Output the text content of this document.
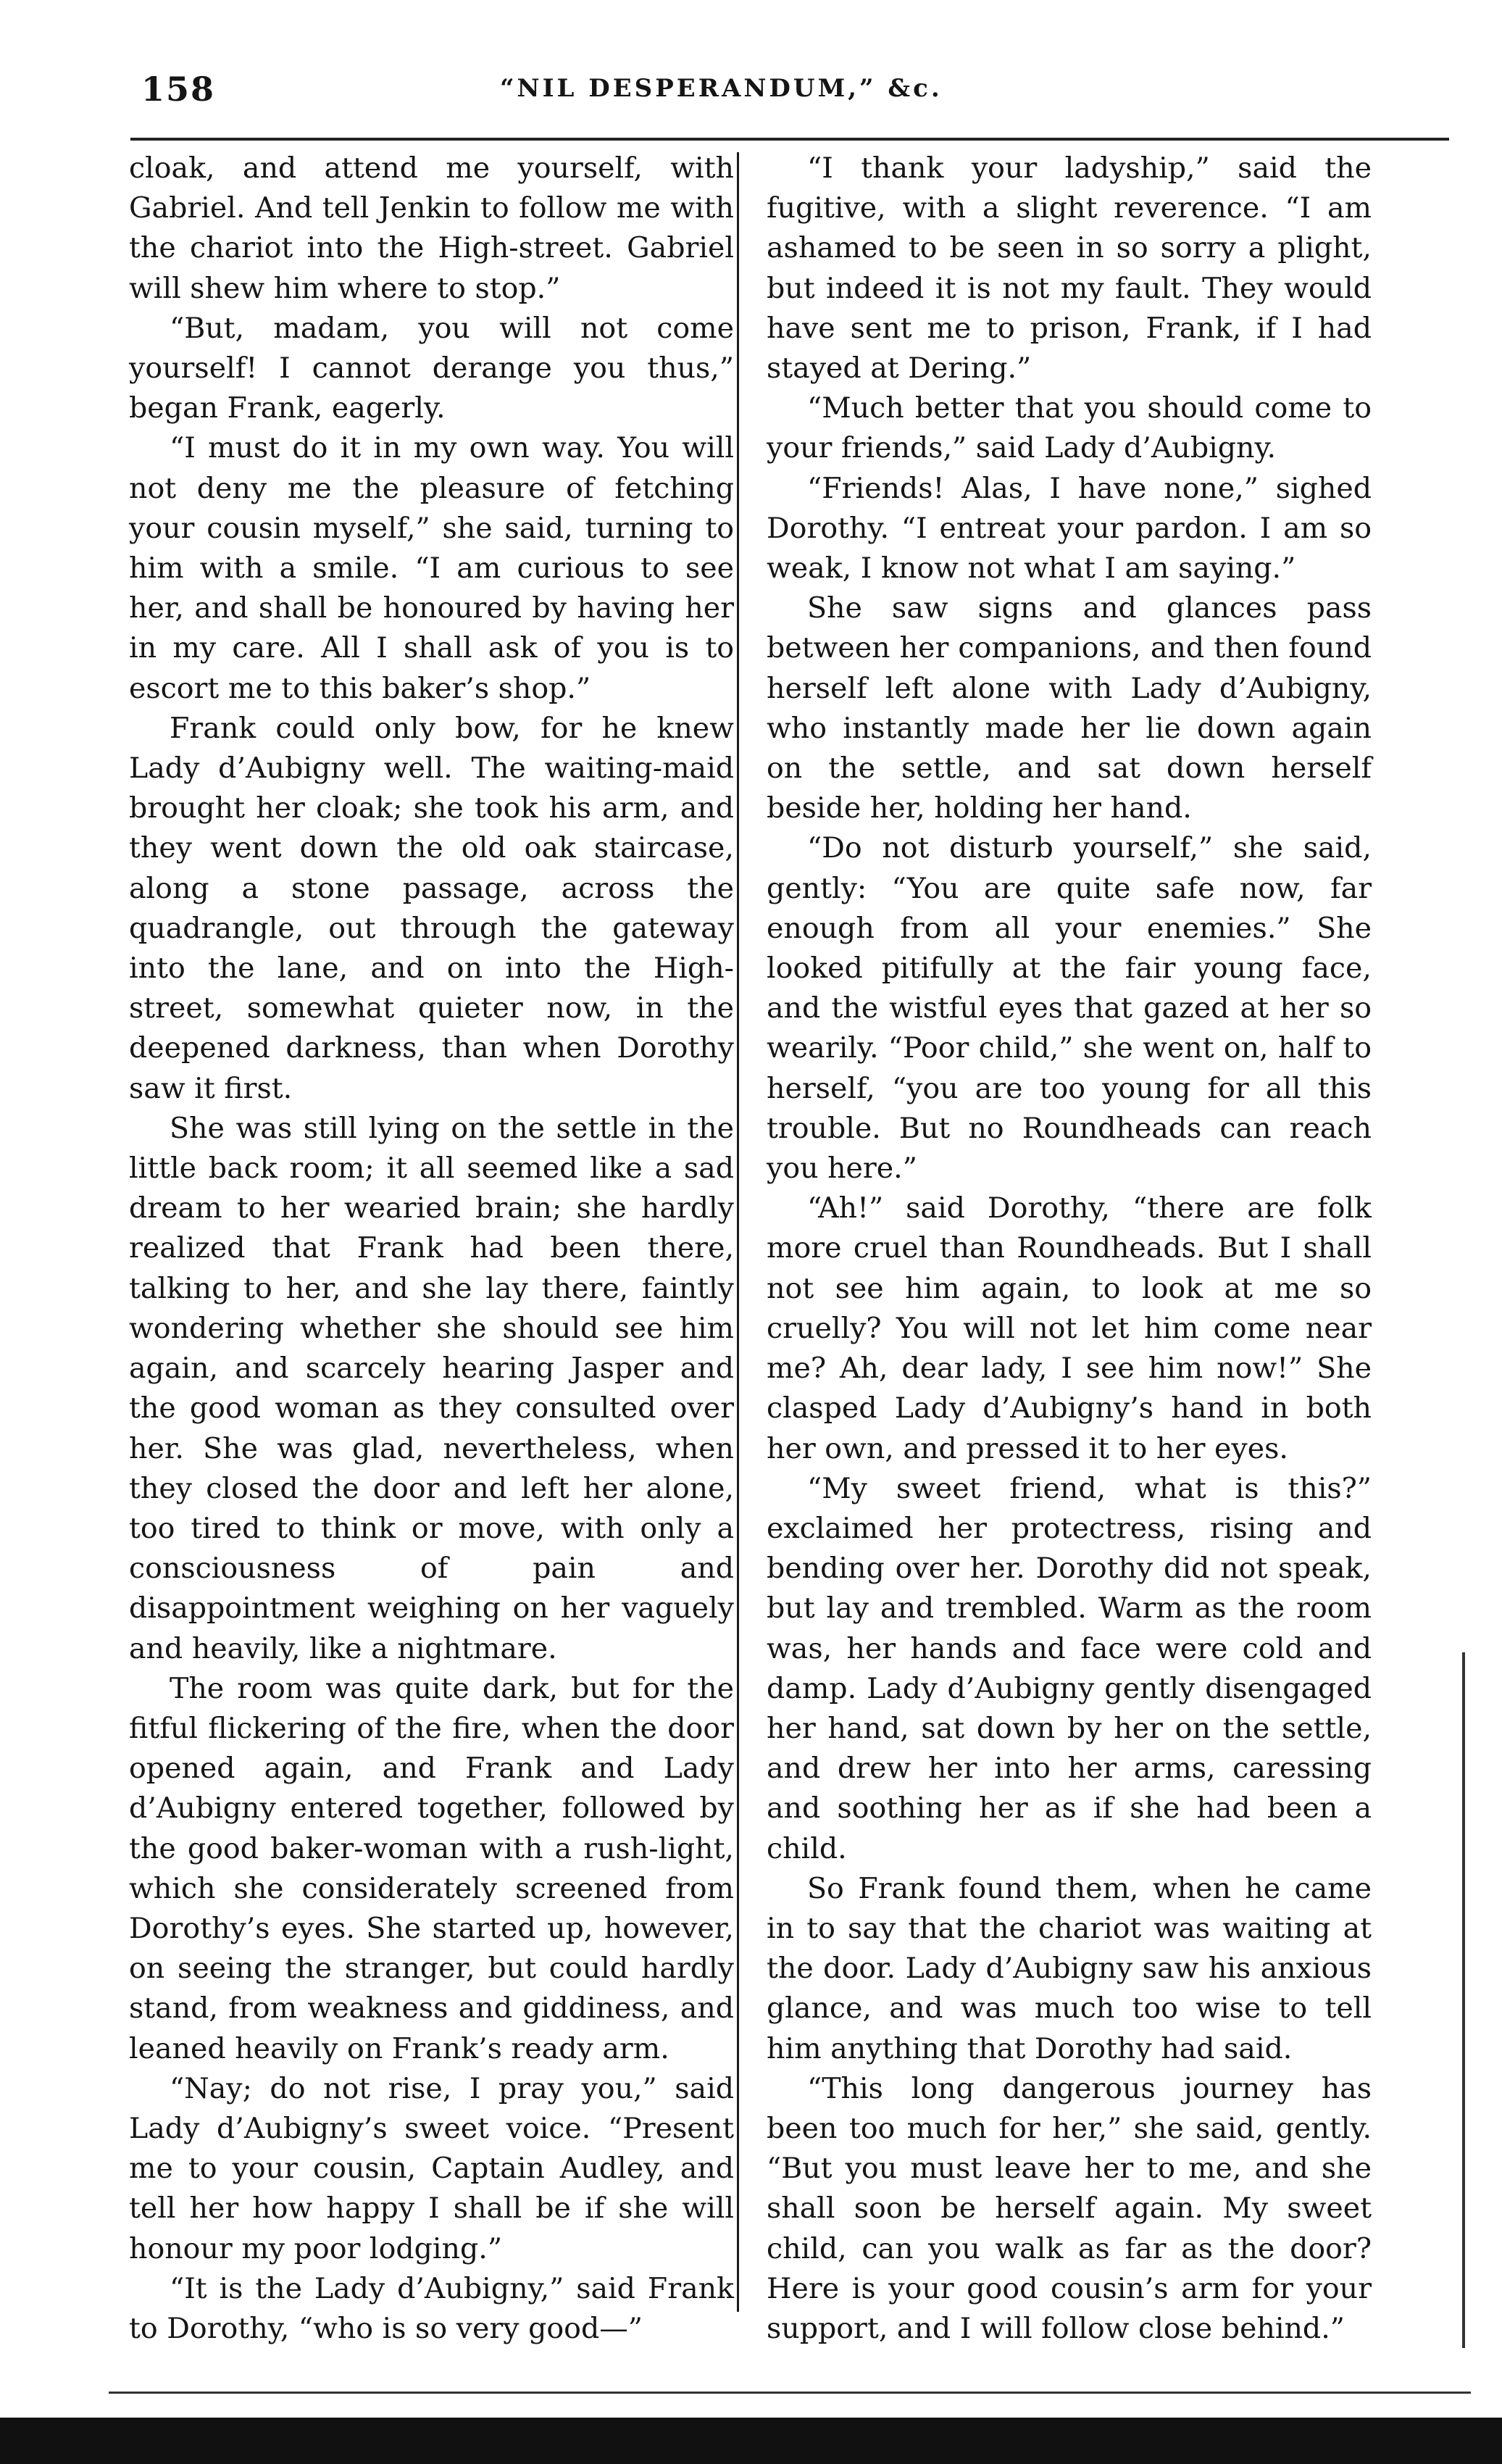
158	“NIL DESPERANDUM,” &c.

cloak, and attend me yourself, with Gabriel. And tell Jenkin to follow me with the chariot into the High-street. Gabriel will shew him where to stop.”

“But, madam, you will not come yourself! I cannot derange you thus,” began Frank, eagerly.

“I must do it in my own way. You will not deny me the pleasure of fetching your cousin myself,” she said, turning to him with a smile. “I am curious to see her, and shall be honoured by having her in my care. All I shall ask of you is to escort me to this baker’s shop.”

Frank could only bow, for he knew Lady d’Aubigny well. The waiting-maid brought her cloak; she took his arm, and they went down the old oak staircase, along a stone passage, across the quadrangle, out through the gateway into the lane, and on into the High-street, somewhat quieter now, in the deepened darkness, than when Dorothy saw it first.

She was still lying on the settle in the little back room; it all seemed like a sad dream to her wearied brain; she hardly realized that Frank had been there, talking to her, and she lay there, faintly wondering whether she should see him again, and scarcely hearing Jasper and the good woman as they consulted over her. She was glad, nevertheless, when they closed the door and left her alone, too tired to think or move, with only a consciousness of pain and disappointment weighing on her vaguely and heavily, like a nightmare.

The room was quite dark, but for the fitful flickering of the fire, when the door opened again, and Frank and Lady d’Aubigny entered together, followed by the good baker-woman with a rush-light, which she considerately screened from Dorothy’s eyes. She started up, however, on seeing the stranger, but could hardly stand, from weakness and giddiness, and leaned heavily on Frank’s ready arm.

“Nay; do not rise, I pray you,” said Lady d’Aubigny’s sweet voice. “Present me to your cousin, Captain Audley, and tell her how happy I shall be if she will honour my poor lodging.”

“It is the Lady d’Aubigny,” said Frank to Dorothy, “who is so very good—”

“I thank your ladyship,” said the fugitive, with a slight reverence. “I am ashamed to be seen in so sorry a plight, but indeed it is not my fault. They would have sent me to prison, Frank, if I had stayed at Dering.”

“Much better that you should come to your friends,” said Lady d’Aubigny.

“Friends! Alas, I have none,” sighed Dorothy. “I entreat your pardon. I am so weak, I know not what I am saying.”

She saw signs and glances pass between her companions, and then found herself left alone with Lady d’Aubigny, who instantly made her lie down again on the settle, and sat down herself beside her, holding her hand.

“Do not disturb yourself,” she said, gently: “You are quite safe now, far enough from all your enemies.” She looked pitifully at the fair young face, and the wistful eyes that gazed at her so wearily. “Poor child,” she went on, half to herself, “you are too young for all this trouble. But no Roundheads can reach you here.”

“Ah!” said Dorothy, “there are folk more cruel than Roundheads. But I shall not see him again, to look at me so cruelly? You will not let him come near me? Ah, dear lady, I see him now!” She clasped Lady d’Aubigny’s hand in both her own, and pressed it to her eyes.

“My sweet friend, what is this?” exclaimed her protectress, rising and bending over her. Dorothy did not speak, but lay and trembled. Warm as the room was, her hands and face were cold and damp. Lady d’Aubigny gently disengaged her hand, sat down by her on the settle, and drew her into her arms, caressing and soothing her as if she had been a child.

So Frank found them, when he came in to say that the chariot was waiting at the door. Lady d’Aubigny saw his anxious glance, and was much too wise to tell him anything that Dorothy had said.

“This long dangerous journey has been too much for her,” she said, gently. “But you must leave her to me, and she shall soon be herself again. My sweet child, can you walk as far as the door? Here is your good cousin’s arm for your support, and I will follow close behind.”
